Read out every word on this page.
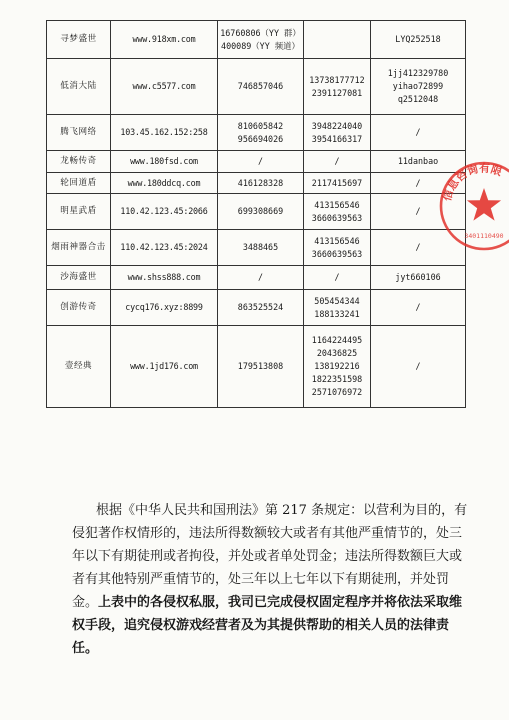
寻梦盛世	www.918xm.com	16760806（YY 群）
400089（YY 频道）		LYQ252518

低消大陆	www.c5577.com	746857046	13738177712
2391127081	1jj412329780
yihao72899
q2512048

腾飞网络	103.45.162.152:258	810605842
956694026	3948224040
3954166317	/

龙畅传奇	www.180fsd.com	/	/	11danbao

轮回道盾	www.180ddcq.com	416128328	2117415697	/

明星武盾	110.42.123.45:2066	699308669	413156546
3660639563	/

烟雨神器合击	110.42.123.45:2024	3488465	413156546
3660639563	/

沙海盛世	www.shss888.com	/	/	jyt660106

创游传奇	cycq176.xyz:8899	863525524	505454344
188133241	/

壹经典	www.1jd176.com	179513808	1164224495
20436825
138192216
1822351598
2571076972	/
根据《中华人民共和国刑法》第 217 条规定：以营利为目的，有侵犯著作权情形的，违法所得数额较大或者有其他严重情节的，处三年以下有期徒刑或者拘役，并处或者单处罚金；违法所得数额巨大或者有其他特别严重情节的，处三年以上七年以下有期徒刑，并处罚金。上表中的各侵权私服，我司已完成侵权固定程序并将依法采取维权手段，追究侵权游戏经营者及为其提供帮助的相关人员的法律责任。
信息咨询有限
3401110490
